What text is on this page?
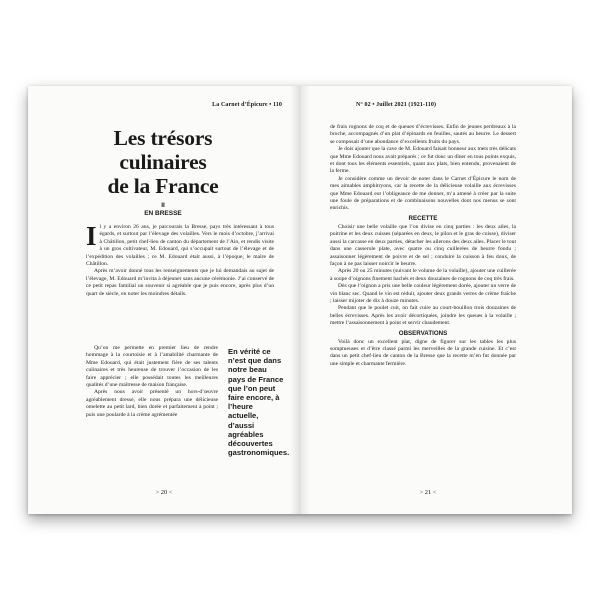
La Carnet d’Épicure • 110
Les trésors
culinaires
de la France
II
EN BRESSE

Il y a environ 26 ans, je parcourais la Bresse, pays très intéressant à tous égards, et surtout par l’élevage des volailles. Vers le mois d’octobre, j’arrivai à Châtillon, petit chef-lieu de canton du département de l’Ain, et rendis visite à un gros cultivateur, M. Edouard, qui s’occupait surtout de l’élevage et de l’expédition des volailles ; ce M. Edouard était aussi, à l’époque, le maire de Châtillon.

Après m’avoir donné tous les renseignements que je lui demandais au sujet de l’élevage, M. Edouard m’invita à déjeuner sans aucune cérémonie. J’ai conservé de ce petit repas familial un souvenir si agréable que je puis encore, après plus d’un quart de siècle, en noter les moindres détails.

Qu’on me permette en premier lieu de rendre hommage à la courtoisie et à l’amabilité charmante de Mme Edouard, qui était justement fière de ses talents culinaires et très heureuse de trouver l’occasion de les faire apprécier ; elle possédait toutes les meilleures qualités d’une maîtresse de maison française.

Après nous avoir présenté un hors-d’œuvre agréablement dressé, elle nous prépara une délicieuse omelette au petit lard, bien dorée et parfaitement à point ; puis une poularde à la crème agrémentée

En vérité ce n’est que dans notre beau pays de France que l’on peut faire encore, à l’heure actuelle, d’aussi agréables découvertes gastronomiques.

> 20 <
N° 02 • Juillet 2021 (1921-110)

de frais rognons de coq et de queues d’écrevisses. Enfin de jeunes perdreaux à la broche, accompagnés d’un plat d’épinards en feuilles, sautés au beurre. Le dessert se composait d’une abondance d’excellents fruits du pays.

Je dois ajouter que la cave de M. Edouard faisait honneur aux mets très délicats que Mme Edouard nous avait préparés ; ce fut donc un dîner en tous points exquis, et dont tous les éléments essentiels, quant aux plats, bien entendu, provenaient de la ferme.

Je considère comme un devoir de noter dans le Carnet d’Épicure le nom de mes aimables amphitryons, car la recette de la délicieuse volaille aux écrevisses que Mme Edouard eut l’obligeance de me donner, m’a amené à créer par la suite une foule de préparations et de combinaisons nouvelles dont nos menus se sont enrichis.

RECETTE

Choisir une belle volaille que l’on divise en cinq parties : les deux ailes, la poitrine et les deux cuisses (séparées en deux, le pilon et le gras de cuisse), diviser aussi la carcasse en deux parties, détacher les ailerons des deux ailes. Placer le tout dans une casserole plate, avec quatre ou cinq cuillerées de beurre fondu ; assaisonner légèrement de poivre et de sel ; conduire la cuisson à feu doux, de façon à ne pas laisser noircir le beurre.

Après 20 ou 25 minutes (suivant le volume de la volaille), ajouter une cuillerée à soupe d’oignons finement hachés et deux douzaines de rognons de coq très frais.

Dès que l’oignon a pris une belle couleur légèrement dorée, ajouter un verre de vin blanc sec. Quand le vin est réduit, ajouter deux grands verres de crème fraîche ; laisser mijoter de dix à douze minutes.

Pendant que le poulet cuit, on fait cuire au court-bouillon trois douzaines de belles écrevisses. Après les avoir décortiquées, joindre les queues à la volaille ; mettre l’assaisonnement à point et servir chaudement.

OBSERVATIONS

Voilà donc un excellent plat, digne de figurer sur les tables les plus somptueuses et d’être classé parmi les merveilles de la grande cuisine. Et c’est dans un petit chef-lieu de canton de la Bresse que la recette m’en fut donnée par une simple et charmante fermière.

> 21 <
